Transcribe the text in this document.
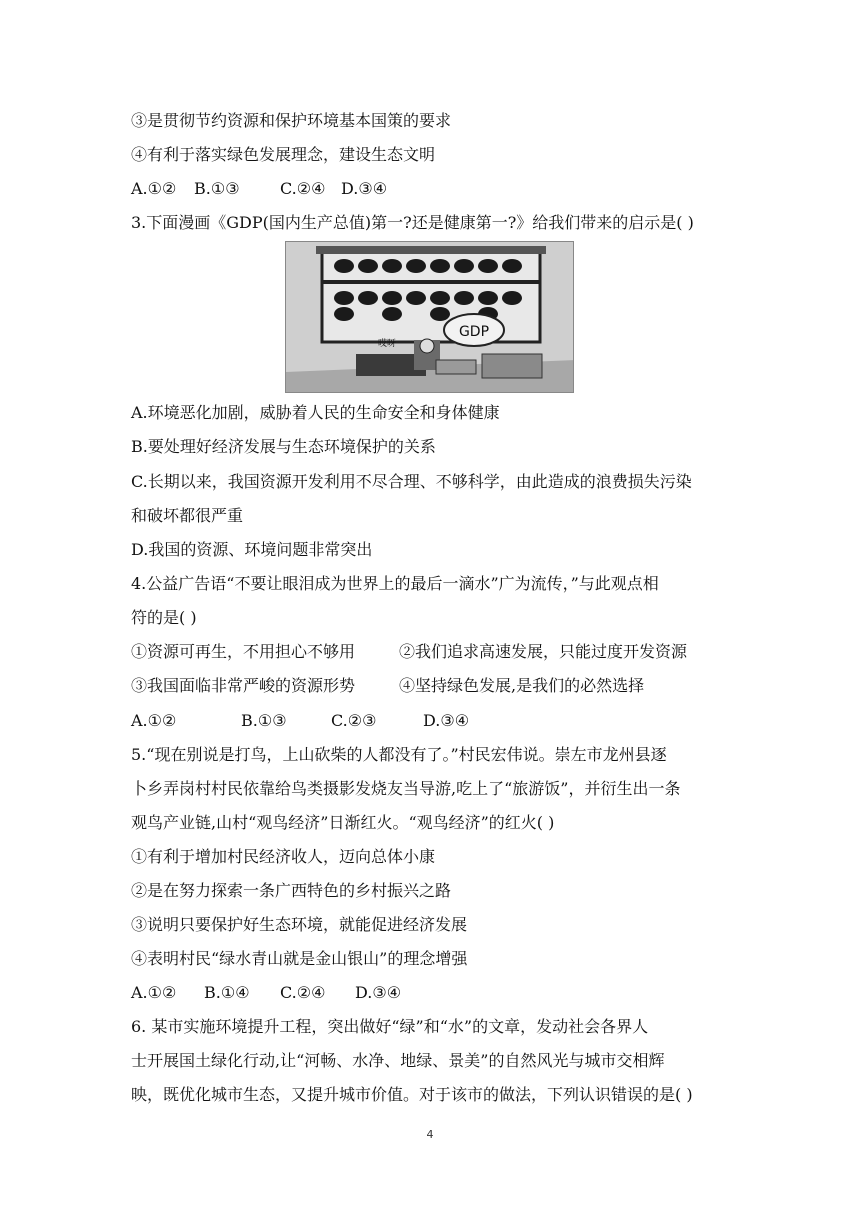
③是贯彻节约资源和保护环境基本国策的要求
④有利于落实绿色发展理念，建设生态文明
A.①② B.①③	C.②④ D.③④
3.下面漫画《GDP(国内生产总值)第一?还是健康第一?》给我们带来的启示是( )
GDP
哎呀
A.环境恶化加剧，威胁着人民的生命安全和身体健康
B.要处理好经济发展与生态环境保护的关系
C.长期以来，我国资源开发利用不尽合理、不够科学，由此造成的浪费损失污染
和破坏都很严重
D.我国的资源、环境问题非常突出
4.公益广告语“不要让眼泪成为世界上的最后一滴水”广为流传，”与此观点相
符的是( )
①资源可再生，不用担心不够用	②我们追求高速发展，只能过度开发资源
③我国面临非常严峻的资源形势	④坚持绿色发展,是我们的必然选择
A.①②	B.①③	C.②③	D.③④
5.“现在别说是打鸟，上山砍柴的人都没有了。”村民宏伟说。崇左市龙州县逐
卜乡弄岗村村民依靠给鸟类摄影发烧友当导游,吃上了“旅游饭”，并衍生出一条
观鸟产业链,山村“观鸟经济”日渐红火。“观鸟经济”的红火( )
①有利于增加村民经济收人，迈向总体小康
②是在努力探索一条广西特色的乡村振兴之路
③说明只要保护好生态环境，就能促进经济发展
④表明村民“绿水青山就是金山银山”的理念增强
A.①② B.①④ C.②④ D.③④
6. 某市实施环境提升工程，突出做好“绿”和“水”的文章，发动社会各界人
士开展国土绿化行动,让“河畅、水净、地绿、景美”的自然风光与城市交相辉
映，既优化城市生态，又提升城市价值。对于该市的做法，下列认识错误的是( )
4
